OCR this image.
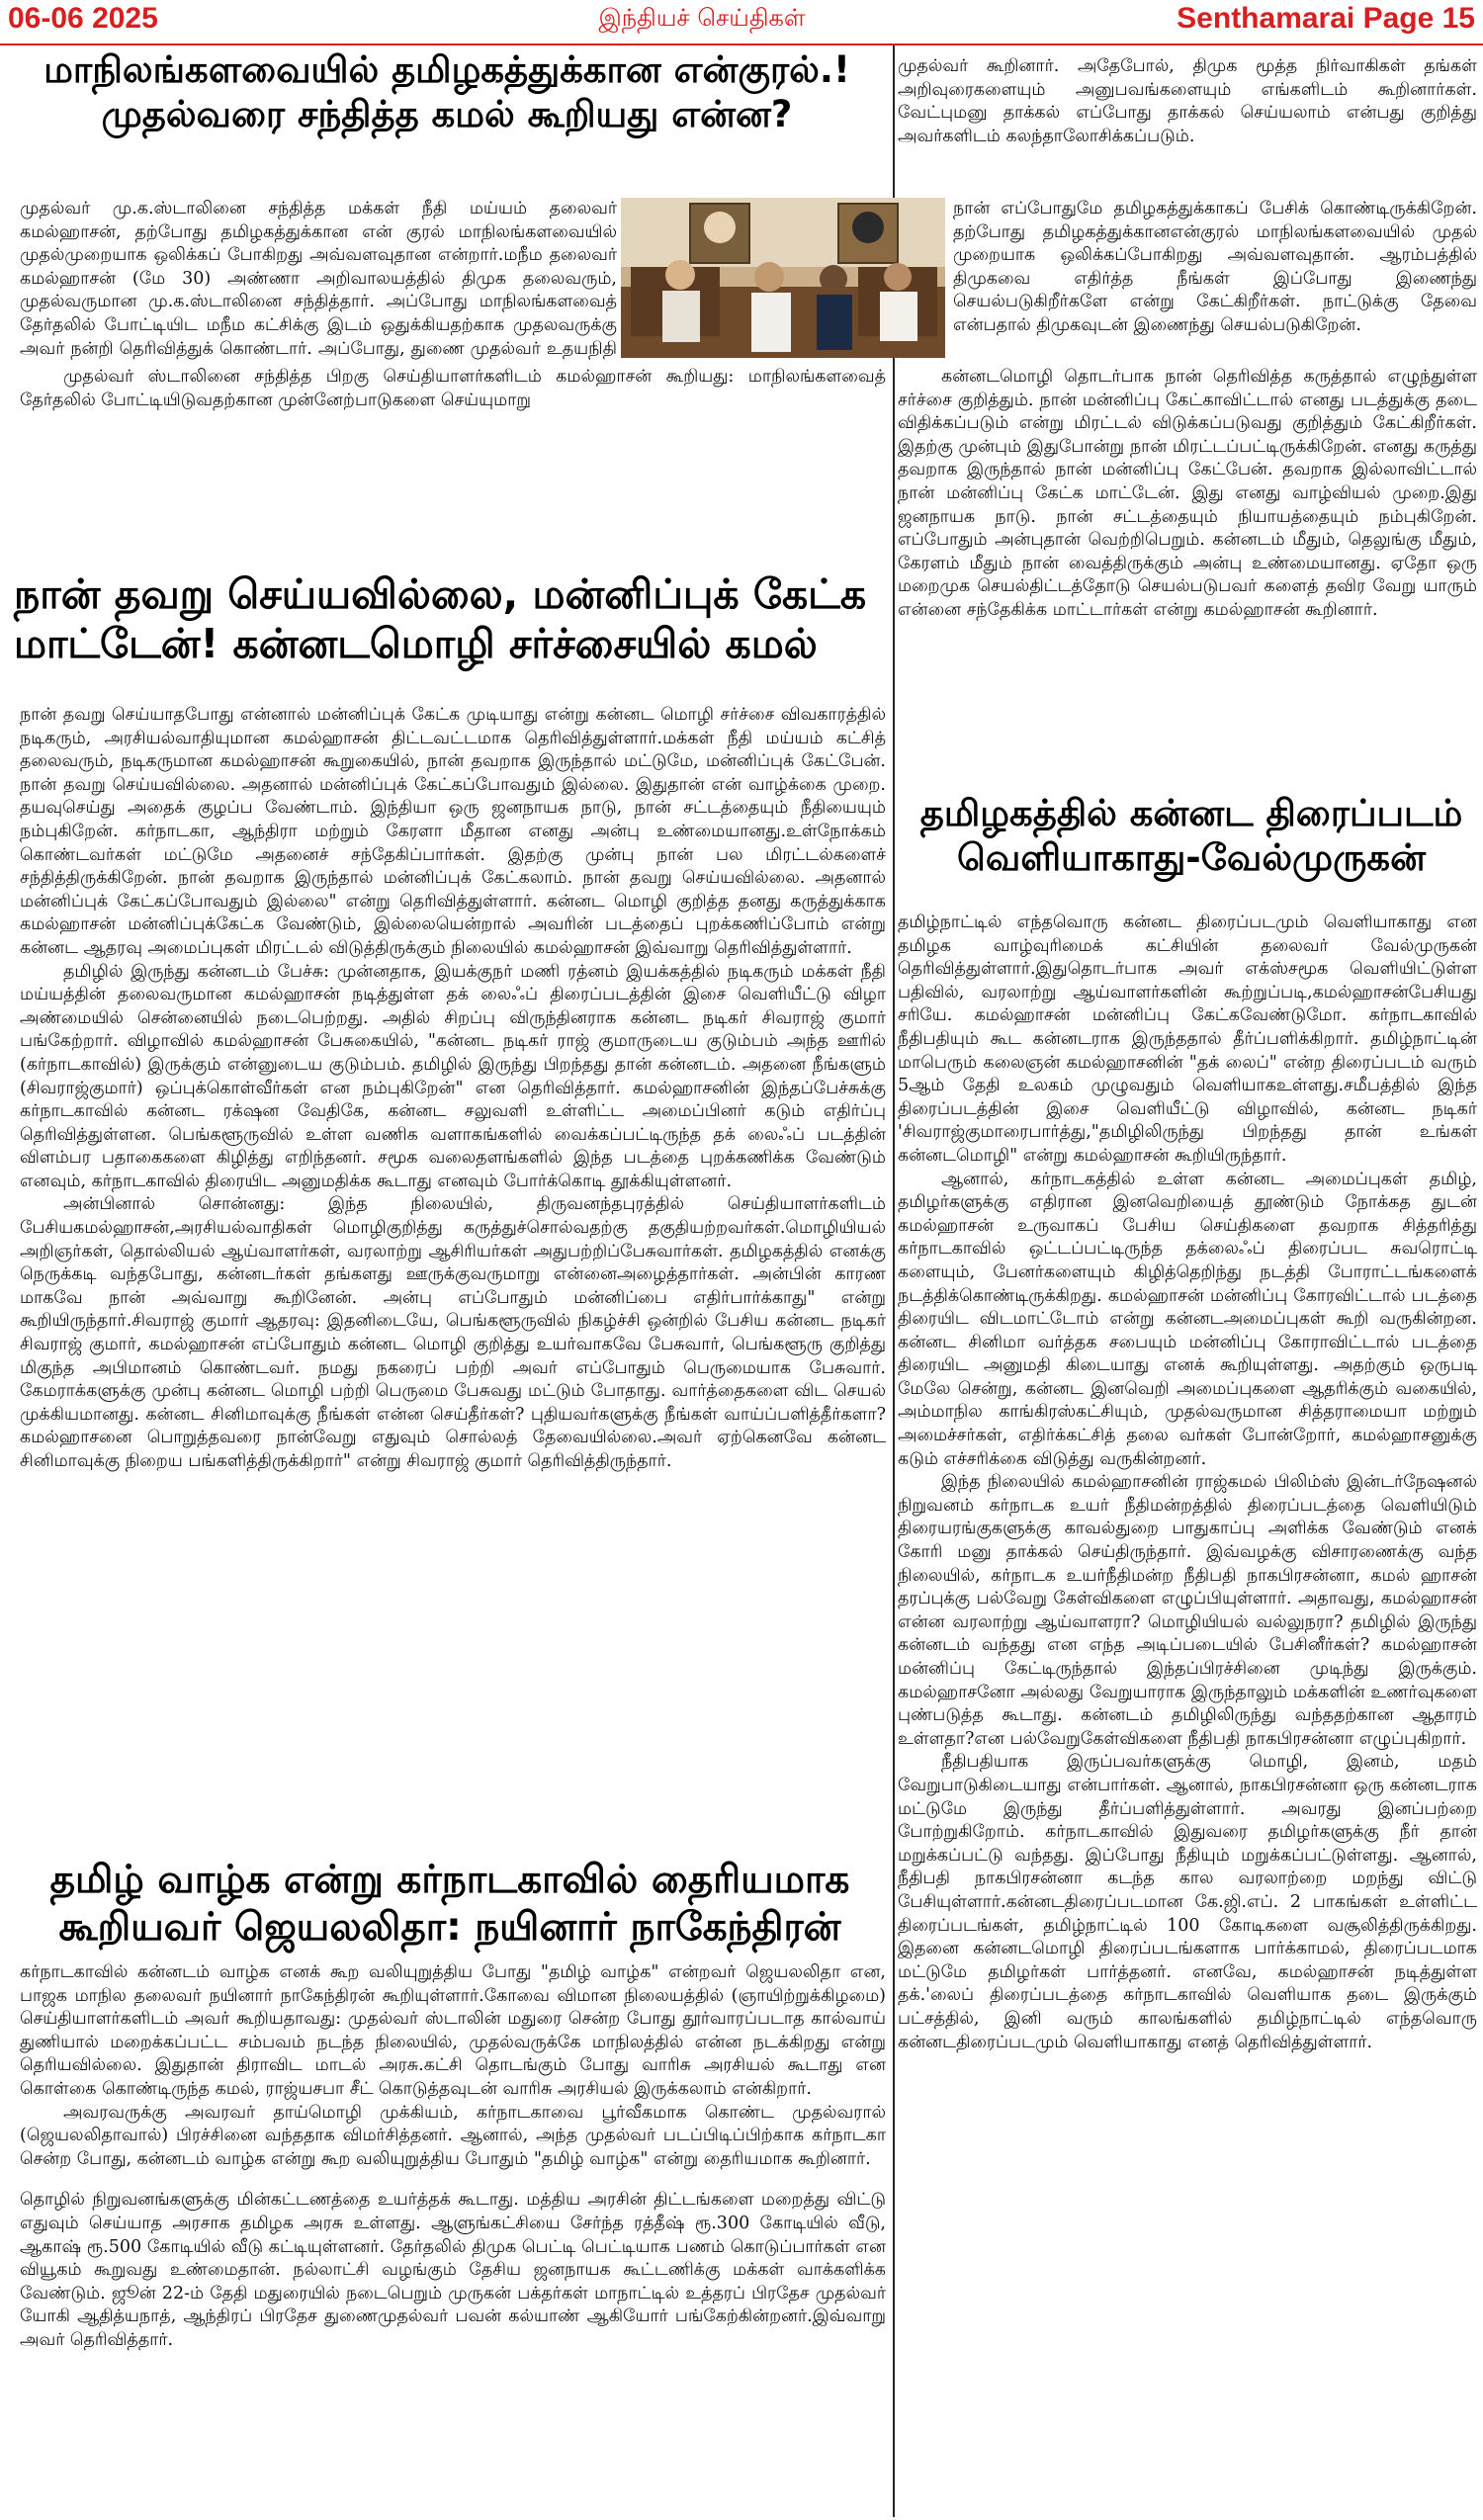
06-06 2025	இந்தியச் செய்திகள்	Senthamarai Page 15
மாநிலங்களவையில் தமிழகத்துக்கான என்குரல்.! முதல்வரை சந்தித்த கமல் கூறியது என்ன?

முதல்வர் மு.க.ஸ்டாலினை சந்தித்த மக்கள் நீதி மய்யம் தலைவர் கமல்ஹாசன், தற்போது தமிழகத்துக்கான என் குரல் மாநிலங்களவையில் முதல்முறையாக ஒலிக்கப் போகிறது அவ்வளவுதான என்றார்.மநீம தலைவர் கமல்ஹாசன் (மே 30) அண்ணா அறிவாலயத்தில் திமுக தலைவரும், முதல்வருமான மு.க.ஸ்டாலினை சந்தித்தார். அப்போது மாநிலங்களவைத் தேர்தலில் போட்டியிட மநீம கட்சிக்கு இடம் ஒதுக்கியதற்காக முதலவருக்கு அவர் நன்றி தெரிவித்துக் கொண்டார். அப்போது, துணை முதல்வர் உதயநிதி

முதல்வர் ஸ்டாலினை சந்தித்த பிறகு செய்தியாளர்களிடம் கமல்ஹாசன் கூறியது: மாநிலங்களவைத் தேர்தலில் போட்டியிடுவதற்கான முன்னேற்பாடுகளை செய்யுமாறு

முதல்வர் கூறினார். அதேபோல், திமுக மூத்த நிர்வாகிகள் தங்கள் அறிவுரைகளையும் அனுபவங்களையும் எங்களிடம் கூறினார்கள். வேட்புமனு தாக்கல் எப்போது தாக்கல் செய்யலாம் என்பது குறித்து அவர்களிடம் கலந்தாலோசிக்கப்படும்.

நான் எப்போதுமே தமிழகத்துக்காகப் பேசிக் கொண்டிருக்கிறேன். தற்போது தமிழகத்துக்கானஎன்குரல் மாநிலங்களவையில் முதல் முறையாக ஒலிக்கப்போகிறது அவ்வளவுதான். ஆரம்பத்தில் திமுகவை எதிர்த்த நீங்கள் இப்போது இணைந்து செயல்படுகிறீர்களே என்று கேட்கிறீர்கள். நாட்டுக்கு தேவை என்பதால் திமுகவுடன் இணைந்து செயல்படுகிறேன்.

நான் தவறு செய்யவில்லை, மன்னிப்புக் கேட்க மாட்டேன்! கன்னடமொழி சர்ச்சையில் கமல்

நான் தவறு செய்யாதபோது என்னால் மன்னிப்புக் கேட்க முடியாது என்று கன்னட மொழி சர்ச்சை விவகாரத்தில் நடிகரும், அரசியல்வாதியுமான கமல்ஹாசன் திட்டவட்டமாக தெரிவித்துள்ளார்.மக்கள் நீதி மய்யம் கட்சித் தலைவரும், நடிகருமான கமல்ஹாசன் கூறுகையில், நான் தவறாக இருந்தால் மட்டுமே, மன்னிப்புக் கேட்பேன். நான் தவறு செய்யவில்லை. அதனால் மன்னிப்புக் கேட்கப்போவதும் இல்லை. இதுதான் என் வாழ்க்கை முறை. தயவுசெய்து அதைக் குழப்ப வேண்டாம். இந்தியா ஒரு ஜனநாயக நாடு, நான் சட்டத்தையும் நீதியையும் நம்புகிறேன். கர்நாடகா, ஆந்திரா மற்றும் கேரளா மீதான எனது அன்பு உண்மையானது.உள்நோக்கம் கொண்டவர்கள் மட்டுமே அதனைச் சந்தேகிப்பார்கள். இதற்கு முன்பு நான் பல மிரட்டல்களைச் சந்தித்திருக்கிறேன். நான் தவறாக இருந்தால் மன்னிப்புக் கேட்கலாம். நான் தவறு செய்யவில்லை. அதனால் மன்னிப்புக் கேட்கப்போவதும் இல்லை" என்று தெரிவித்துள்ளார். கன்னட மொழி குறித்த தனது கருத்துக்காக கமல்ஹாசன் மன்னிப்புக்கேட்க வேண்டும், இல்லையென்றால் அவரின் படத்தைப் புறக்கணிப்போம் என்று கன்னட ஆதரவு அமைப்புகள் மிரட்டல் விடுத்திருக்கும் நிலையில் கமல்ஹாசன் இவ்வாறு தெரிவித்துள்ளார்.

தமிழில் இருந்து கன்னடம் பேச்சு: முன்னதாக, இயக்குநர் மணி ரத்னம் இயக்கத்தில் நடிகரும் மக்கள் நீதி மய்யத்தின் தலைவருமான கமல்ஹாசன் நடித்துள்ள தக் லைஃப் திரைப்படத்தின் இசை வெளியீட்டு விழா அண்மையில் சென்னையில் நடைபெற்றது. அதில் சிறப்பு விருந்தினராக கன்னட நடிகர் சிவராஜ் குமார் பங்கேற்றார். விழாவில் கமல்ஹாசன் பேசுகையில், "கன்னட நடிகர் ராஜ் குமாருடைய குடும்பம் அந்த ஊரில் (கர்நாடகாவில்) இருக்கும் என்னுடைய குடும்பம். தமிழில் இருந்து பிறந்தது தான் கன்னடம். அதனை நீங்களும் (சிவராஜ்குமார்) ஒப்புக்கொள்வீர்கள் என நம்புகிறேன்" என தெரிவித்தார். கமல்ஹாசனின் இந்தப்பேச்சுக்கு கர்நாடகாவில் கன்னட ரக்‌ஷன வேதிகே, கன்னட சலுவளி உள்ளிட்ட அமைப்பினர் கடும் எதிர்ப்பு தெரிவித்துள்ளன. பெங்களூருவில் உள்ள வணிக வளாகங்களில் வைக்கப்பட்டிருந்த தக் லைஃப் படத்தின் விளம்பர பதாகைகளை கிழித்து எறிந்தனர். சமூக வலைதளங்களில் இந்த படத்தை புறக்கணிக்க வேண்டும் எனவும், கர்நாடகாவில் திரையிட அனுமதிக்க கூடாது எனவும் போர்க்கொடி தூக்கியுள்ளனர்.

அன்பினால் சொன்னது: இந்த நிலையில், திருவனந்தபுரத்தில் செய்தியாளர்களிடம் பேசியகமல்ஹாசன்,அரசியல்வாதிகள் மொழிகுறித்து கருத்துச்சொல்வதற்கு தகுதியற்றவர்கள்.மொழியியல் அறிஞர்கள், தொல்லியல் ஆய்வாளர்கள், வரலாற்று ஆசிரியர்கள் அதுபற்றிப்பேசுவார்கள். தமிழகத்தில் எனக்கு நெருக்கடி வந்தபோது, கன்னடர்கள் தங்களது ஊருக்குவருமாறு என்னைஅழைத்தார்கள். அன்பின் காரண மாகவே நான் அவ்வாறு கூறினேன். அன்பு எப்போதும் மன்னிப்பை எதிர்பார்க்காது" என்று கூறியிருந்தார்.சிவராஜ் குமார் ஆதரவு: இதனிடையே, பெங்களூருவில் நிகழ்ச்சி ஒன்றில் பேசிய கன்னட நடிகர் சிவராஜ் குமார், கமல்ஹாசன் எப்போதும் கன்னட மொழி குறித்து உயர்வாகவே பேசுவார், பெங்களூரு குறித்து மிகுந்த அபிமானம் கொண்டவர். நமது நகரைப் பற்றி அவர் எப்போதும் பெருமையாக பேசுவார். கேமராக்களுக்கு முன்பு கன்னட மொழி பற்றி பெருமை பேசுவது மட்டும் போதாது. வார்த்தைகளை விட செயல் முக்கியமானது. கன்னட சினிமாவுக்கு நீங்கள் என்ன செய்தீர்கள்? புதியவர்களுக்கு நீங்கள் வாய்ப்பளித்தீர்களா? கமல்ஹாசனை பொறுத்தவரை நான்வேறு எதுவும் சொல்லத் தேவையில்லை.அவர் ஏற்கெனவே கன்னட சினிமாவுக்கு நிறைய பங்களித்திருக்கிறார்" என்று சிவராஜ் குமார் தெரிவித்திருந்தார்.

கன்னடமொழி தொடர்பாக நான் தெரிவித்த கருத்தால் எழுந்துள்ள சர்ச்சை குறித்தும். நான் மன்னிப்பு கேட்காவிட்டால் எனது படத்துக்கு தடை விதிக்கப்படும் என்று மிரட்டல் விடுக்கப்படுவது குறித்தும் கேட்கிறீர்கள். இதற்கு முன்பும் இதுபோன்று நான் மிரட்டப்பட்டிருக்கிறேன். எனது கருத்து தவறாக இருந்தால் நான் மன்னிப்பு கேட்பேன். தவறாக இல்லாவிட்டால் நான் மன்னிப்பு கேட்க மாட்டேன். இது எனது வாழ்வியல் முறை.இது ஜனநாயக நாடு. நான் சட்டத்தையும் நியாயத்தையும் நம்புகிறேன். எப்போதும் அன்புதான் வெற்றிபெறும். கன்னடம் மீதும், தெலுங்கு மீதும், கேரளம் மீதும் நான் வைத்திருக்கும் அன்பு உண்மையானது. ஏதோ ஒரு மறைமுக செயல்திட்டத்தோடு செயல்படுபவர் களைத் தவிர வேறு யாரும் என்னை சந்தேகிக்க மாட்டார்கள் என்று கமல்ஹாசன் கூறினார்.

தமிழ் வாழ்க என்று கர்நாடகாவில் தைரியமாக கூறியவர் ஜெயலலிதா: நயினார் நாகேந்திரன்

கர்நாடகாவில் கன்னடம் வாழ்க எனக் கூற வலியுறுத்திய போது "தமிழ் வாழ்க" என்றவர் ஜெயலலிதா என, பாஜக மாநில தலைவர் நயினார் நாகேந்திரன் கூறியுள்ளார்.கோவை விமான நிலையத்தில் (ஞாயிற்றுக்கிழமை) செய்தியாளர்களிடம் அவர் கூறியதாவது: முதல்வர் ஸ்டாலின் மதுரை சென்ற போது தூர்வாரப்படாத கால்வாய் துணியால் மறைக்கப்பட்ட சம்பவம் நடந்த நிலையில், முதல்வருக்கே மாநிலத்தில் என்ன நடக்கிறது என்று தெரியவில்லை. இதுதான் திராவிட மாடல் அரசு.கட்சி தொடங்கும் போது வாரிசு அரசியல் கூடாது என கொள்கை கொண்டிருந்த கமல், ராஜ்யசபா சீட் கொடுத்தவுடன் வாரிசு அரசியல் இருக்கலாம் என்கிறார்.

அவரவருக்கு அவரவர் தாய்மொழி முக்கியம், கர்நாடகாவை பூர்வீகமாக கொண்ட முதல்வரால் (ஜெயலலிதாவால்) பிரச்சினை வந்ததாக விமர்சித்தனர். ஆனால், அந்த முதல்வர் படப்பிடிப்பிற்காக கர்நாடகா சென்ற போது, கன்னடம் வாழ்க என்று கூற வலியுறுத்திய போதும் "தமிழ் வாழ்க" என்று தைரியமாக கூறினார்.

தொழில் நிறுவனங்களுக்கு மின்கட்டணத்தை உயர்த்தக் கூடாது. மத்திய அரசின் திட்டங்களை மறைத்து விட்டு எதுவும் செய்யாத அரசாக தமிழக அரசு உள்ளது. ஆளுங்கட்சியை சேர்ந்த ரத்தீஷ் ரூ.300 கோடியில் வீடு, ஆகாஷ் ரூ.500 கோடியில் வீடு கட்டியுள்ளனர். தேர்தலில் திமுக பெட்டி பெட்டியாக பணம் கொடுப்பார்கள் என வியூகம் கூறுவது உண்மைதான். நல்லாட்சி வழங்கும் தேசிய ஜனநாயக கூட்டணிக்கு மக்கள் வாக்களிக்க வேண்டும். ஜூன் 22-ம் தேதி மதுரையில் நடைபெறும் முருகன் பக்தர்கள் மாநாட்டில் உத்தரப் பிரதேச முதல்வர் யோகி ஆதித்யநாத், ஆந்திரப் பிரதேச துணைமுதல்வர் பவன் கல்யாண் ஆகியோர் பங்கேற்கின்றனர்.இவ்வாறு அவர் தெரிவித்தார்.

தமிழகத்தில் கன்னட திரைப்படம் வெளியாகாது-வேல்முருகன்

தமிழ்நாட்டில் எந்தவொரு கன்னட திரைப்படமும் வெளியாகாது என தமிழக வாழ்வுரிமைக் கட்சியின் தலைவர் வேல்முருகன் தெரிவித்துள்ளார்.இதுதொடர்பாக அவர் எக்ஸ்சமூக வெளியிட்டுள்ள பதிவில், வரலாற்று ஆய்வாளர்களின் கூற்றுப்படி,கமல்ஹாசன்பேசியது சரியே. கமல்ஹாசன் மன்னிப்பு கேட்கவேண்டுமோ. கர்நாடகாவில் நீதிபதியும் கூட கன்னடராக இருந்ததால் தீர்ப்பளிக்கிறார். தமிழ்நாட்டின் மாபெரும் கலைஞன் கமல்ஹாசனின் "தக் லைப்" என்ற திரைப்படம் வரும் 5ஆம் தேதி உலகம் முழுவதும் வெளியாகஉள்ளது.சமீபத்தில் இந்த திரைப்படத்தின் இசை வெளியீட்டு விழாவில், கன்னட நடிகர் 'சிவராஜ்குமாரைபார்த்து,"தமிழிலிருந்து பிறந்தது தான் உங்கள் கன்னடமொழி" என்று கமல்ஹாசன் கூறியிருந்தார்.

ஆனால், கர்நாடகத்தில் உள்ள கன்னட அமைப்புகள் தமிழ், தமிழர்களுக்கு எதிரான இனவெறியைத் தூண்டும் நோக்கத துடன் கமல்ஹாசன் உருவாகப் பேசிய செய்திகளை தவறாக சித்தரித்து கர்நாடகாவில் ஒட்டப்பட்டிருந்த தக்லைஃப் திரைப்பட சுவரொட்டி களையும், பேனர்களையும் கிழித்தெறிந்து நடத்தி போராட்டங்களைக் நடத்திக்கொண்டிருக்கிறது. கமல்ஹாசன் மன்னிப்பு கோரவிட்டால் படத்தை திரையிட விடமாட்டோம் என்று கன்னடஅமைப்புகள் கூறி வருகின்றன. கன்னட சினிமா வர்த்தக சபையும் மன்னிப்பு கோராவிட்டால் படத்தை திரையிட அனுமதி கிடையாது எனக் கூறியுள்ளது. அதற்கும் ஒருபடி மேலே சென்று, கன்னட இனவெறி அமைப்புகளை ஆதரிக்கும் வகையில், அம்மாநில காங்கிரஸ்கட்சியும், முதல்வருமான சித்தராமையா மற்றும் அமைச்சர்கள், எதிர்க்கட்சித் தலை வர்கள் போன்றோர், கமல்ஹாசனுக்கு கடும் எச்சரிக்கை விடுத்து வருகின்றனர்.

இந்த நிலையில் கமல்ஹாசனின் ராஜ்கமல் பிலிம்ஸ் இன்டர்நேஷனல் நிறுவனம் கர்நாடக உயர் நீதிமன்றத்தில் திரைப்படத்தை வெளியிடும் திரையரங்குகளுக்கு காவல்துறை பாதுகாப்பு அளிக்க வேண்டும் எனக் கோரி மனு தாக்கல் செய்திருந்தார். இவ்வழக்கு விசாரணைக்கு வந்த நிலையில், கர்நாடக உயர்நீதிமன்ற நீதிபதி நாகபிரசன்னா, கமல் ஹாசன் தரப்புக்கு பல்வேறு கேள்விகளை எழுப்பியுள்ளார். அதாவது, கமல்ஹாசன் என்ன வரலாற்று ஆய்வாளரா? மொழியியல் வல்லுநரா? தமிழில் இருந்து கன்னடம் வந்தது என எந்த அடிப்படையில் பேசினீர்கள்? கமல்ஹாசன் மன்னிப்பு கேட்டிருந்தால் இந்தப்பிரச்சினை முடிந்து இருக்கும். கமல்ஹாசனோ அல்லது வேறுயாராக இருந்தாலும் மக்களின் உணர்வுகளை புண்படுத்த கூடாது. கன்னடம் தமிழிலிருந்து வந்ததற்கான ஆதாரம் உள்ளதா?என பல்வேறுகேள்விகளை நீதிபதி நாகபிரசன்னா எழுப்புகிறார்.

நீதிபதியாக இருப்பவர்களுக்கு மொழி, இனம், மதம் வேறுபாடுகிடையாது என்பார்கள். ஆனால், நாகபிரசன்னா ஒரு கன்னடராக மட்டுமே இருந்து தீர்ப்பளித்துள்ளார். அவரது இனப்பற்றை போற்றுகிறோம். கர்நாடகாவில் இதுவரை தமிழர்களுக்கு நீர் தான் மறுக்கப்பட்டு வந்தது. இப்போது நீதியும் மறுக்கப்பட்டுள்ளது. ஆனால், நீதிபதி நாகபிரசன்னா கடந்த கால வரலாற்றை மறந்து விட்டு பேசியுள்ளார்.கன்னடதிரைப்படமான கே.ஜி.எப். 2 பாகங்கள் உள்ளிட்ட திரைப்படங்கள், தமிழ்நாட்டில் 100 கோடிகளை வசூலித்திருக்கிறது. இதனை கன்னடமொழி திரைப்படங்களாக பார்க்காமல், திரைப்படமாக மட்டுமே தமிழர்கள் பார்த்தனர். எனவே, கமல்ஹாசன் நடித்துள்ள தக்.'லைப் திரைப்படத்தை கர்நாடகாவில் வெளியாக தடை இருக்கும் பட்சத்தில், இனி வரும் காலங்களில் தமிழ்நாட்டில் எந்தவொரு கன்னடதிரைப்படமும் வெளியாகாது எனத் தெரிவித்துள்ளார்.
